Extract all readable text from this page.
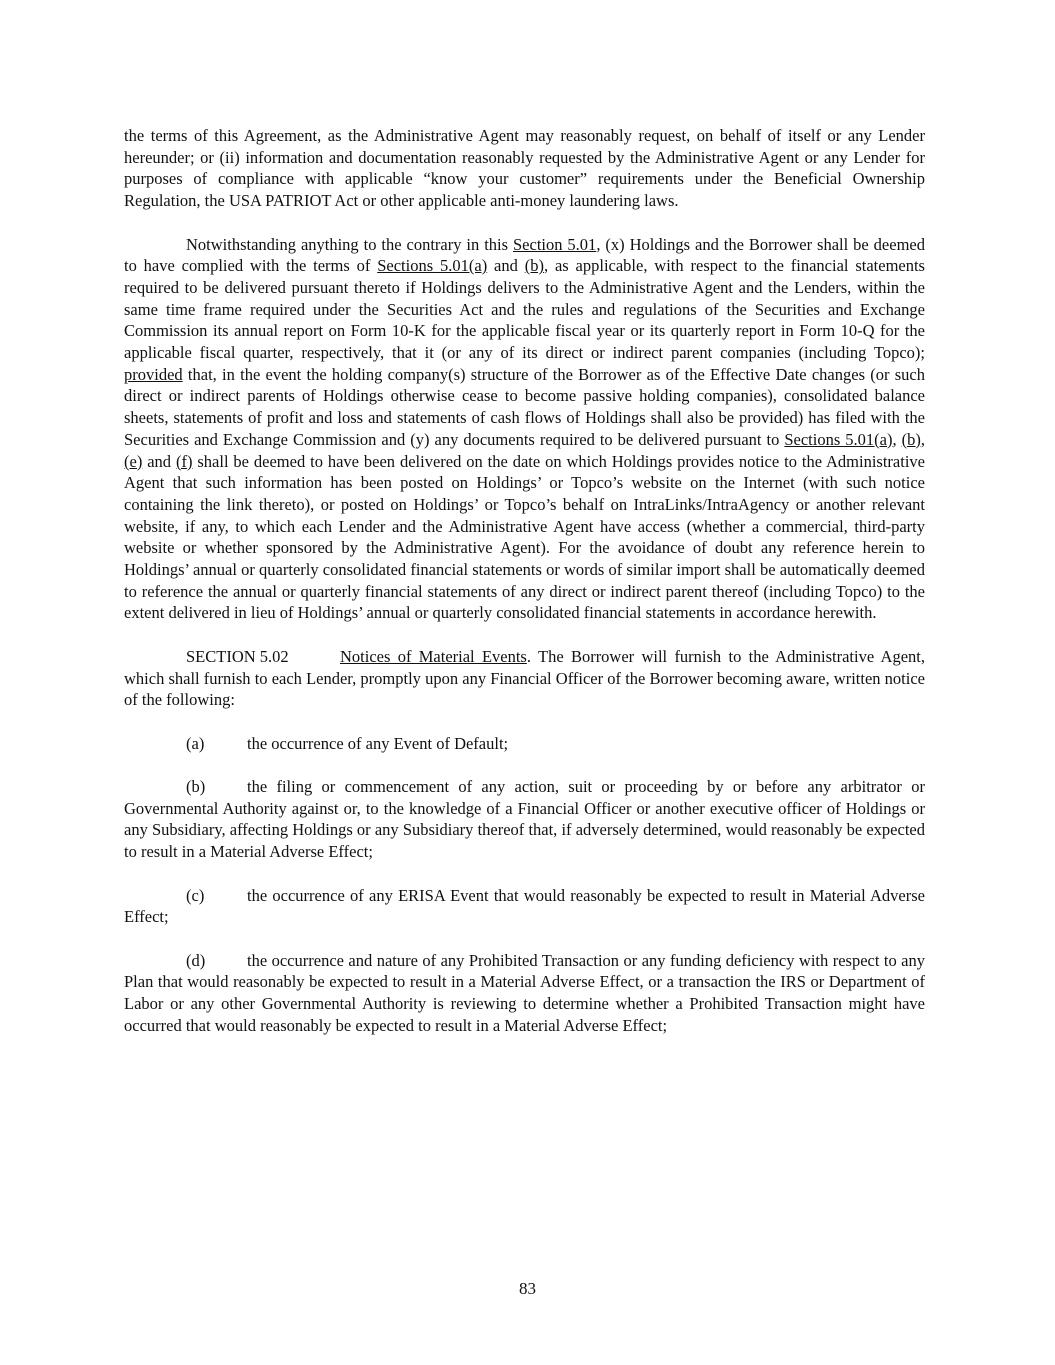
the terms of this Agreement, as the Administrative Agent may reasonably request, on behalf of itself or any Lender hereunder; or (ii) information and documentation reasonably requested by the Administrative Agent or any Lender for purposes of compliance with applicable “know your customer” requirements under the Beneficial Ownership Regulation, the USA PATRIOT Act or other applicable anti-money laundering laws.

Notwithstanding anything to the contrary in this Section 5.01, (x) Holdings and the Borrower shall be deemed to have complied with the terms of Sections 5.01(a) and (b), as applicable, with respect to the financial statements required to be delivered pursuant thereto if Holdings delivers to the Administrative Agent and the Lenders, within the same time frame required under the Securities Act and the rules and regulations of the Securities and Exchange Commission its annual report on Form 10-K for the applicable fiscal year or its quarterly report in Form 10-Q for the applicable fiscal quarter, respectively, that it (or any of its direct or indirect parent companies (including Topco); provided that, in the event the holding company(s) structure of the Borrower as of the Effective Date changes (or such direct or indirect parents of Holdings otherwise cease to become passive holding companies), consolidated balance sheets, statements of profit and loss and statements of cash flows of Holdings shall also be provided) has filed with the Securities and Exchange Commission and (y) any documents required to be delivered pursuant to Sections 5.01(a), (b), (e) and (f) shall be deemed to have been delivered on the date on which Holdings provides notice to the Administrative Agent that such information has been posted on Holdings’ or Topco’s website on the Internet (with such notice containing the link thereto), or posted on Holdings’ or Topco’s behalf on IntraLinks/IntraAgency or another relevant website, if any, to which each Lender and the Administrative Agent have access (whether a commercial, third-party website or whether sponsored by the Administrative Agent). For the avoidance of doubt any reference herein to Holdings’ annual or quarterly consolidated financial statements or words of similar import shall be automatically deemed to reference the annual or quarterly financial statements of any direct or indirect parent thereof (including Topco) to the extent delivered in lieu of Holdings’ annual or quarterly consolidated financial statements in accordance herewith.

SECTION 5.02	Notices of Material Events. The Borrower will furnish to the Administrative Agent, which shall furnish to each Lender, promptly upon any Financial Officer of the Borrower becoming aware, written notice of the following:

(a)	the occurrence of any Event of Default;

(b)	the filing or commencement of any action, suit or proceeding by or before any arbitrator or Governmental Authority against or, to the knowledge of a Financial Officer or another executive officer of Holdings or any Subsidiary, affecting Holdings or any Subsidiary thereof that, if adversely determined, would reasonably be expected to result in a Material Adverse Effect;

(c)	the occurrence of any ERISA Event that would reasonably be expected to result in Material Adverse Effect;

(d)	the occurrence and nature of any Prohibited Transaction or any funding deficiency with respect to any Plan that would reasonably be expected to result in a Material Adverse Effect, or a transaction the IRS or Department of Labor or any other Governmental Authority is reviewing to determine whether a Prohibited Transaction might have occurred that would reasonably be expected to result in a Material Adverse Effect;

83
